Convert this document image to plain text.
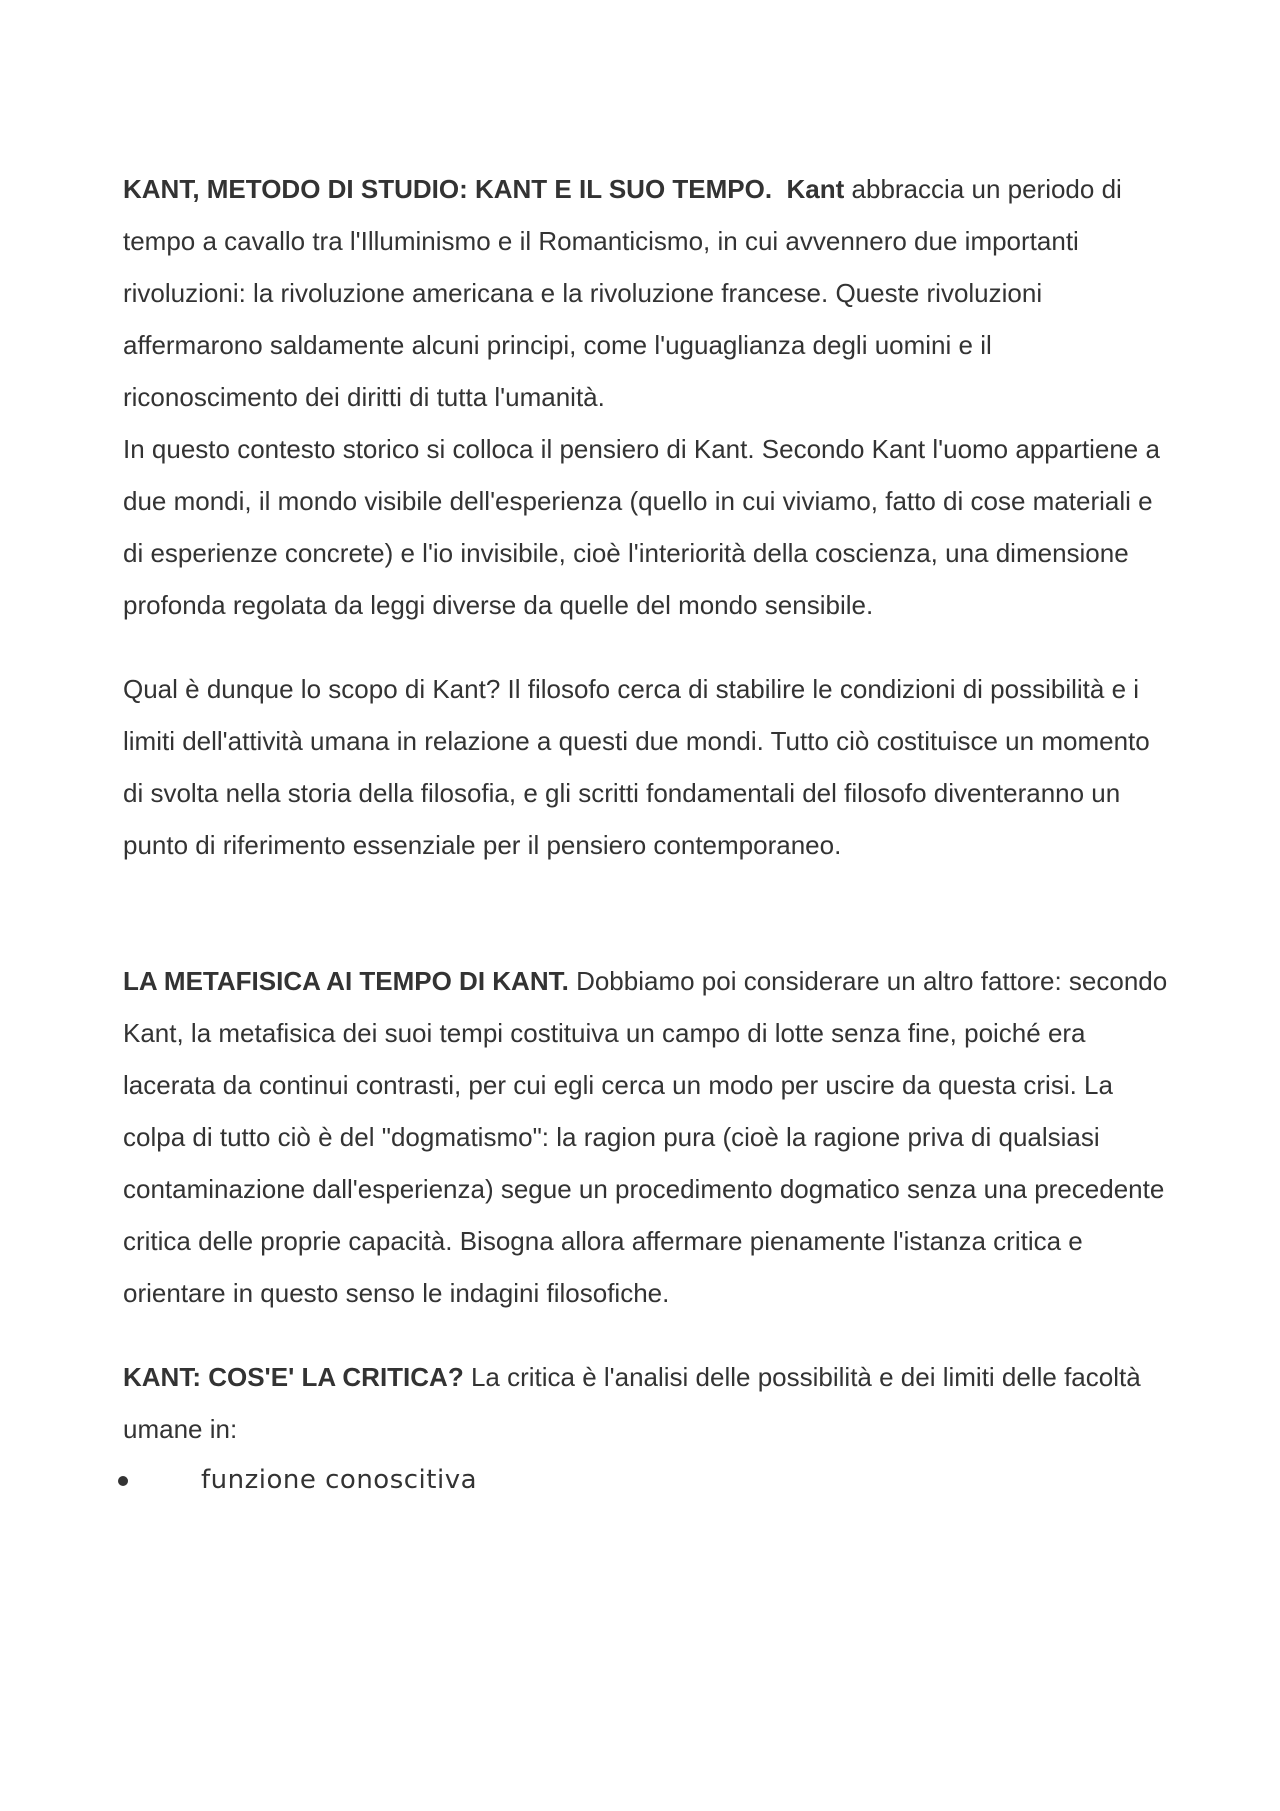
KANT, METODO DI STUDIO: KANT E IL SUO TEMPO. Kant abbraccia un periodo di tempo a cavallo tra l'Illuminismo e il Romanticismo, in cui avvennero due importanti rivoluzioni: la rivoluzione americana e la rivoluzione francese. Queste rivoluzioni affermarono saldamente alcuni principi, come l'uguaglianza degli uomini e il riconoscimento dei diritti di tutta l'umanità.

In questo contesto storico si colloca il pensiero di Kant. Secondo Kant l'uomo appartiene a due mondi, il mondo visibile dell'esperienza (quello in cui viviamo, fatto di cose materiali e di esperienze concrete) e l'io invisibile, cioè l'interiorità della coscienza, una dimensione profonda regolata da leggi diverse da quelle del mondo sensibile.

Qual è dunque lo scopo di Kant? Il filosofo cerca di stabilire le condizioni di possibilità e i limiti dell'attività umana in relazione a questi due mondi. Tutto ciò costituisce un momento di svolta nella storia della filosofia, e gli scritti fondamentali del filosofo diventeranno un punto di riferimento essenziale per il pensiero contemporaneo.

LA METAFISICA AI TEMPO DI KANT. Dobbiamo poi considerare un altro fattore: secondo Kant, la metafisica dei suoi tempi costituiva un campo di lotte senza fine, poiché era lacerata da continui contrasti, per cui egli cerca un modo per uscire da questa crisi. La colpa di tutto ciò è del "dogmatismo": la ragion pura (cioè la ragione priva di qualsiasi contaminazione dall'esperienza) segue un procedimento dogmatico senza una precedente critica delle proprie capacità. Bisogna allora affermare pienamente l'istanza critica e orientare in questo senso le indagini filosofiche.

KANT: COS'E' LA CRITICA? La critica è l'analisi delle possibilità e dei limiti delle facoltà umane in:

funzione conoscitiva
